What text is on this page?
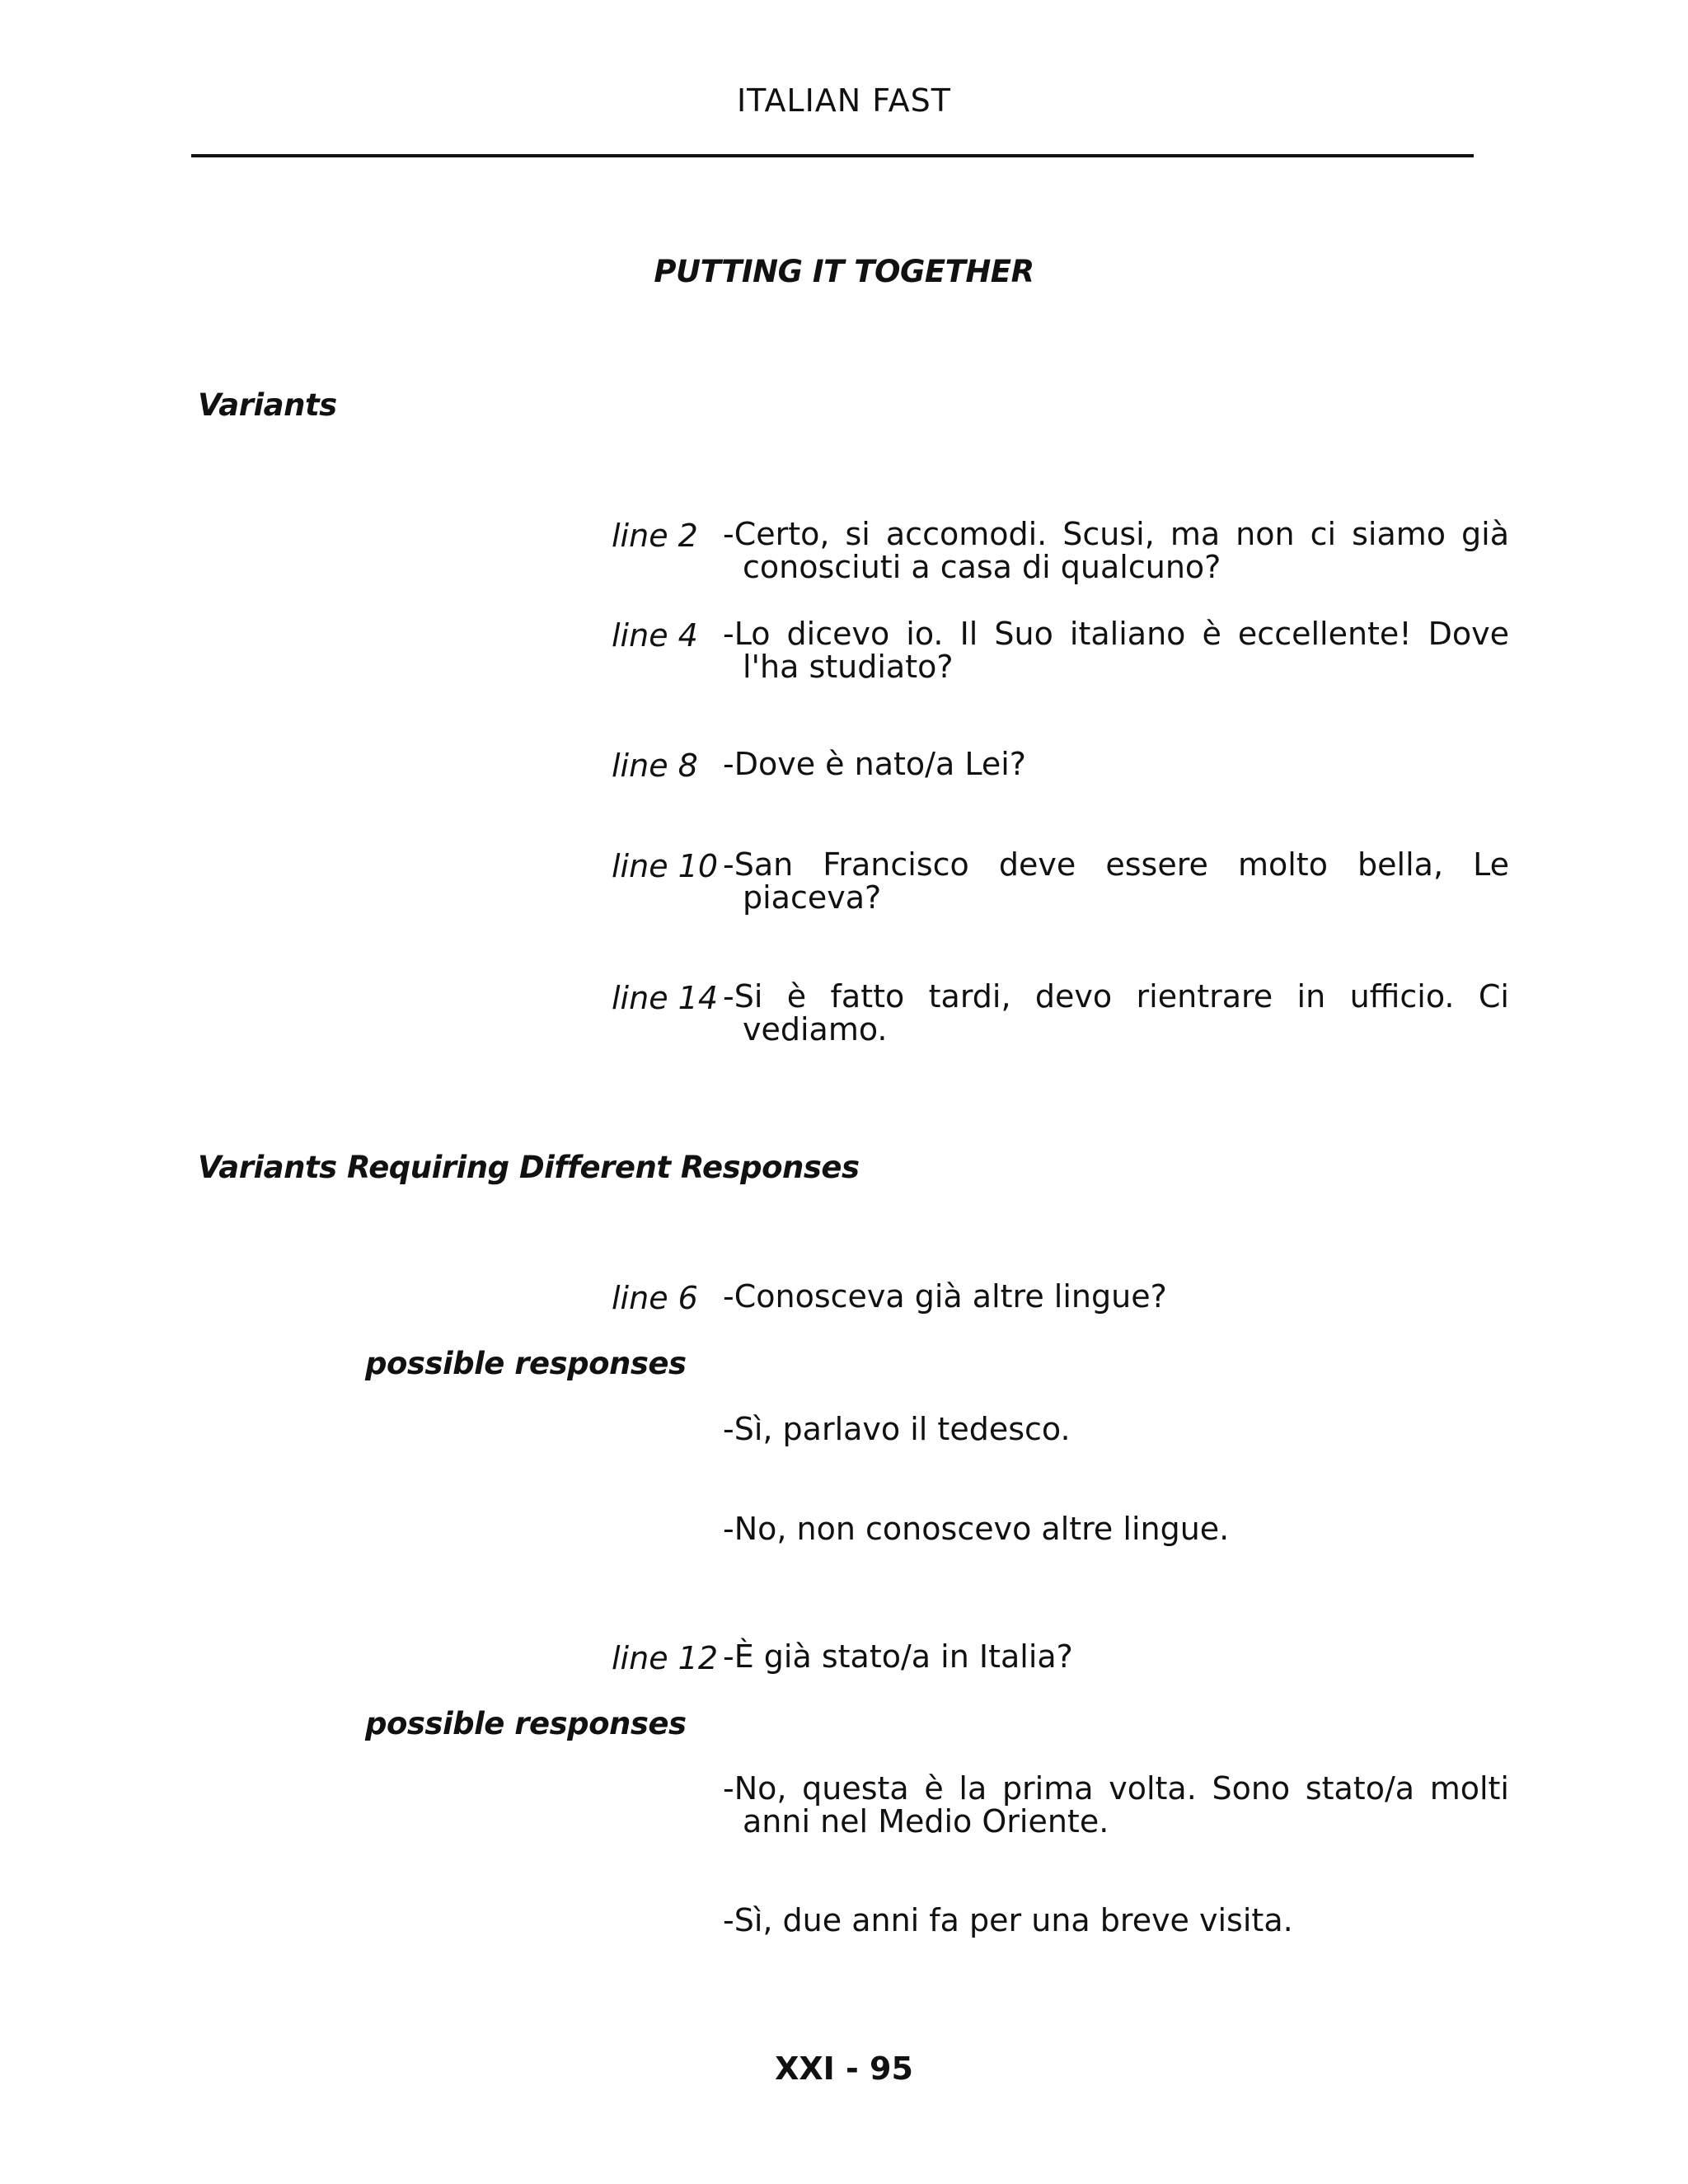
ITALIAN FAST
PUTTING IT TOGETHER
Variants
line 2 -Certo, si accomodi. Scusi, ma non ci siamo già conosciuti a casa di qualcuno?
line 4 -Lo dicevo io. Il Suo italiano è eccellente! Dove l'ha studiato?
line 8 -Dove è nato/a Lei?
line 10 -San Francisco deve essere molto bella, Le piaceva?
line 14 -Si è fatto tardi, devo rientrare in ufficio. Ci vediamo.
Variants Requiring Different Responses
line 6 -Conosceva già altre lingue?
possible responses
-Sì, parlavo il tedesco.
-No, non conoscevo altre lingue.
line 12 -È già stato/a in Italia?
possible responses
-No, questa è la prima volta. Sono stato/a molti anni nel Medio Oriente.
-Sì, due anni fa per una breve visita.
XXI - 95
